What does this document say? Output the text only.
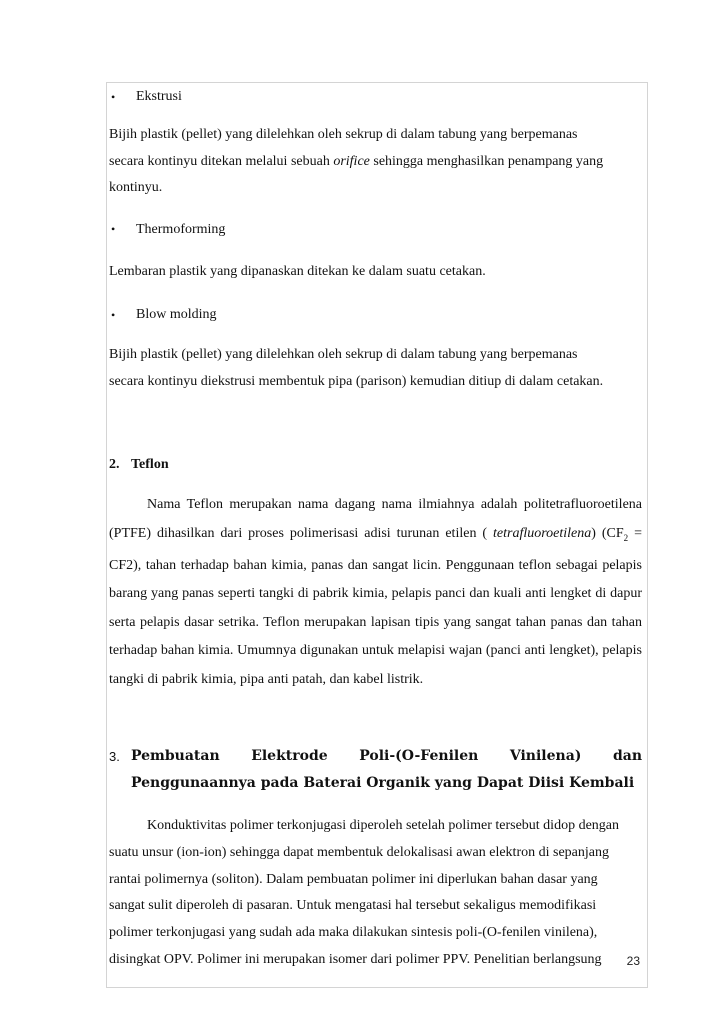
•	Ekstrusi

Bijih plastik (pellet) yang dilelehkan oleh sekrup di dalam tabung yang berpemanas
secara kontinyu ditekan melalui sebuah orifice sehingga menghasilkan penampang yang
kontinyu.

•	Thermoforming

Lembaran plastik yang dipanaskan ditekan ke dalam suatu cetakan.

•	Blow molding

Bijih plastik (pellet) yang dilelehkan oleh sekrup di dalam tabung yang berpemanas
secara kontinyu diekstrusi membentuk pipa (parison) kemudian ditiup di dalam cetakan.

2. Teflon

Nama Teflon merupakan nama dagang nama ilmiahnya adalah politetrafluoroetilena (PTFE) dihasilkan dari proses polimerisasi adisi turunan etilen ( tetrafluoroetilena) $(CF_2 = CF2)$, tahan terhadap bahan kimia, panas dan sangat licin. Penggunaan teflon sebagai pelapis barang yang panas seperti tangki di pabrik kimia, pelapis panci dan kuali anti lengket di dapur serta pelapis dasar setrika. Teflon merupakan lapisan tipis yang sangat tahan panas dan tahan terhadap bahan kimia. Umumnya digunakan untuk melapisi wajan (panci anti lengket), pelapis tangki di pabrik kimia, pipa anti patah, dan kabel listrik.

3. Pembuatan Elektrode Poli-(O-Fenilen Vinilena) dan Penggunaannya pada Baterai Organik yang Dapat Diisi Kembali

Konduktivitas polimer terkonjugasi diperoleh setelah polimer tersebut didop dengan
suatu unsur (ion-ion) sehingga dapat membentuk delokalisasi awan elektron di sepanjang
rantai polimernya (soliton). Dalam pembuatan polimer ini diperlukan bahan dasar yang
sangat sulit diperoleh di pasaran. Untuk mengatasi hal tersebut sekaligus memodifikasi
polimer terkonjugasi yang sudah ada maka dilakukan sintesis poli-(O-fenilen vinilena),
disingkat OPV. Polimer ini merupakan isomer dari polimer PPV. Penelitian berlangsung	23
